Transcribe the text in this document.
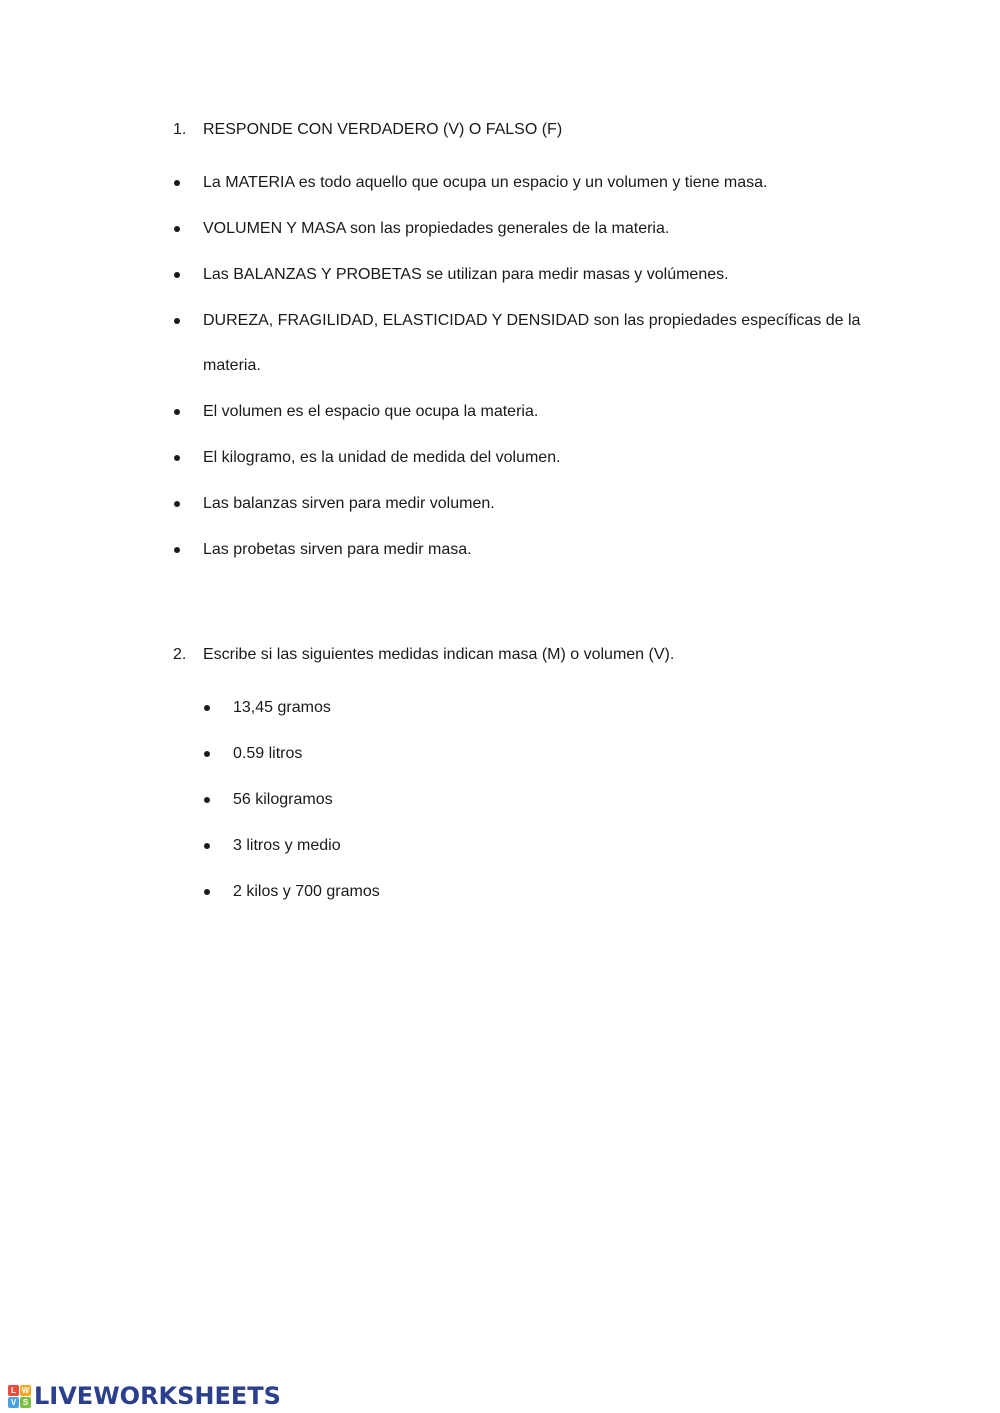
1. RESPONDE CON VERDADERO (V) O FALSO (F)
La MATERIA es todo aquello que ocupa un espacio y un volumen y tiene masa.
VOLUMEN Y MASA son las propiedades generales de la materia.
Las BALANZAS Y PROBETAS se utilizan para medir masas y volúmenes.
DUREZA, FRAGILIDAD, ELASTICIDAD Y DENSIDAD son las propiedades específicas de la
materia.
El volumen es el espacio que ocupa la materia.
El kilogramo, es la unidad de medida del volumen.
Las balanzas sirven para medir volumen.
Las probetas sirven para medir masa.
2. Escribe si las siguientes medidas indican masa (M) o volumen (V).
13,45 gramos
0.59 litros
56 kilogramos
3 litros y medio
2 kilos y 700 gramos
L W
V S LIVEWORKSHEETS
